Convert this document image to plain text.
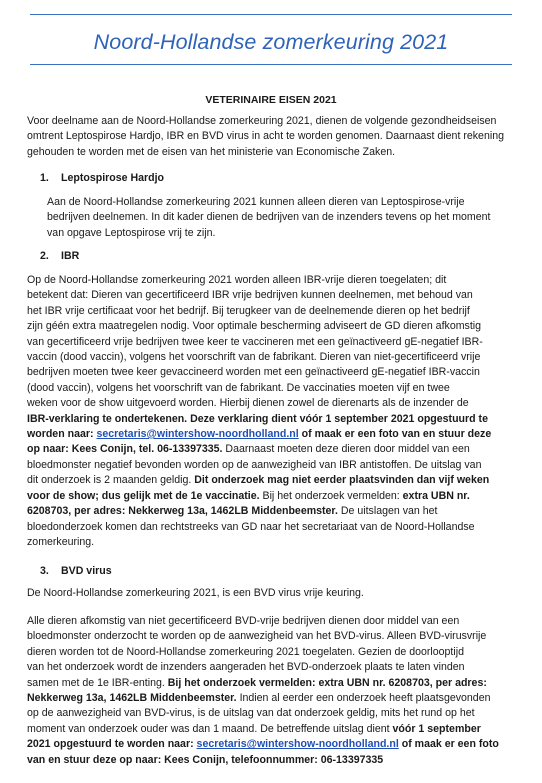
Noord-Hollandse zomerkeuring 2021
VETERINAIRE EISEN 2021
Voor deelname aan de Noord-Hollandse zomerkeuring 2021, dienen de volgende gezondheidseisen
omtrent Leptospirose Hardjo, IBR en BVD virus in acht te worden genomen. Daarnaast dient rekening
gehouden te worden met de eisen van het ministerie van Economische Zaken.
1. Leptospirose Hardjo
Aan de Noord-Hollandse zomerkeuring 2021 kunnen alleen dieren van Leptospirose-vrije
bedrijven deelnemen. In dit kader dienen de bedrijven van de inzenders tevens op het moment
van opgave Leptospirose vrij te zijn.
2. IBR
Op de Noord-Hollandse zomerkeuring 2021 worden alleen IBR-vrije dieren toegelaten; dit
betekent dat: Dieren van gecertificeerd IBR vrije bedrijven kunnen deelnemen, met behoud van
het IBR vrije certificaat voor het bedrijf. Bij terugkeer van de deelnemende dieren op het bedrijf
zijn géén extra maatregelen nodig. Voor optimale bescherming adviseert de GD dieren afkomstig
van gecertificeerd vrije bedrijven twee keer te vaccineren met een geïnactiveerd gE-negatief IBR-
vaccin (dood vaccin), volgens het voorschrift van de fabrikant. Dieren van niet-gecertificeerd vrije
bedrijven moeten twee keer gevaccineerd worden met een geïnactiveerd gE-negatief IBR-vaccin
(dood vaccin), volgens het voorschrift van de fabrikant. De vaccinaties moeten vijf en twee
weken voor de show uitgevoerd worden. Hierbij dienen zowel de dierenarts als de inzender de
IBR-verklaring te ondertekenen. Deze verklaring dient vóór 1 september 2021 opgestuurd te
worden naar: secretaris@wintershow-noordholland.nl of maak er een foto van en stuur deze
op naar: Kees Conijn, tel. 06-13397335. Daarnaast moeten deze dieren door middel van een
bloedmonster negatief bevonden worden op de aanwezigheid van IBR antistoffen. De uitslag van
dit onderzoek is 2 maanden geldig. Dit onderzoek mag niet eerder plaatsvinden dan vijf weken
voor de show; dus gelijk met de 1e vaccinatie. Bij het onderzoek vermelden: extra UBN nr.
6208703, per adres: Nekkerweg 13a, 1462LB Middenbeemster. De uitslagen van het
bloedonderzoek komen dan rechtstreeks van GD naar het secretariaat van de Noord-Hollandse
zomerkeuring.
3. BVD virus
De Noord-Hollandse zomerkeuring 2021, is een BVD virus vrije keuring.
Alle dieren afkomstig van niet gecertificeerd BVD-vrije bedrijven dienen door middel van een
bloedmonster onderzocht te worden op de aanwezigheid van het BVD-virus. Alleen BVD-virusvrije
dieren worden tot de Noord-Hollandse zomerkeuring 2021 toegelaten. Gezien de doorlooptijd
van het onderzoek wordt de inzenders aangeraden het BVD-onderzoek plaats te laten vinden
samen met de 1e IBR-enting. Bij het onderzoek vermelden: extra UBN nr. 6208703, per adres:
Nekkerweg 13a, 1462LB Middenbeemster. Indien al eerder een onderzoek heeft plaatsgevonden
op de aanwezigheid van BVD-virus, is de uitslag van dat onderzoek geldig, mits het rund op het
moment van onderzoek ouder was dan 1 maand. De betreffende uitslag dient vóór 1 september
2021 opgestuurd te worden naar: secretaris@wintershow-noordholland.nl of maak er een foto
van en stuur deze op naar: Kees Conijn, telefoonnummer: 06-13397335
